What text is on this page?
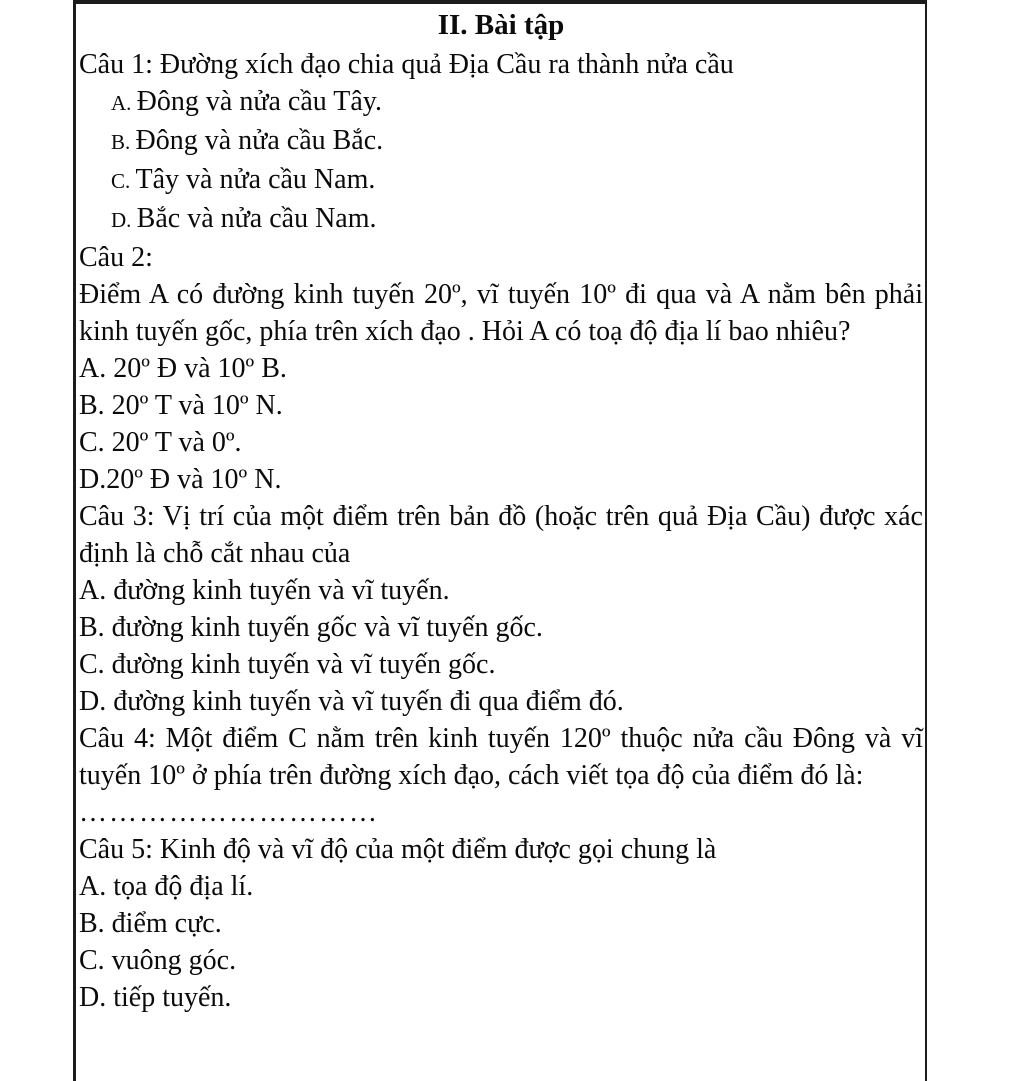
II. Bài tập

Câu 1: Đường xích đạo chia quả Địa Cầu ra thành nửa cầu

A. Đông và nửa cầu Tây.

B. Đông và nửa cầu Bắc.

C. Tây và nửa cầu Nam.

D. Bắc và nửa cầu Nam.

Câu 2:

Điểm A có đường kinh tuyến 20º, vĩ tuyến 10º đi qua và A nằm bên phải kinh tuyến gốc, phía trên xích đạo . Hỏi A có toạ độ địa lí bao nhiêu?

A. 20º Đ và 10º B.

B. 20º T và 10º N.

C. 20º T và 0º.

D.20º Đ và 10º N.

Câu 3: Vị trí của một điểm trên bản đồ (hoặc trên quả Địa Cầu) được xác định là chỗ cắt nhau của

A. đường kinh tuyến và vĩ tuyến.

B. đường kinh tuyến gốc và vĩ tuyến gốc.

C. đường kinh tuyến và vĩ tuyến gốc.

D. đường kinh tuyến và vĩ tuyến đi qua điểm đó.

Câu 4: Một điểm C nằm trên kinh tuyến 120º thuộc nửa cầu Đông và vĩ tuyến 10º ở phía trên đường xích đạo, cách viết tọa độ của điểm đó là:

…………………………

Câu 5: Kinh độ và vĩ độ của một điểm được gọi chung là

A. tọa độ địa lí.

B. điểm cực.

C. vuông góc.

D. tiếp tuyến.
